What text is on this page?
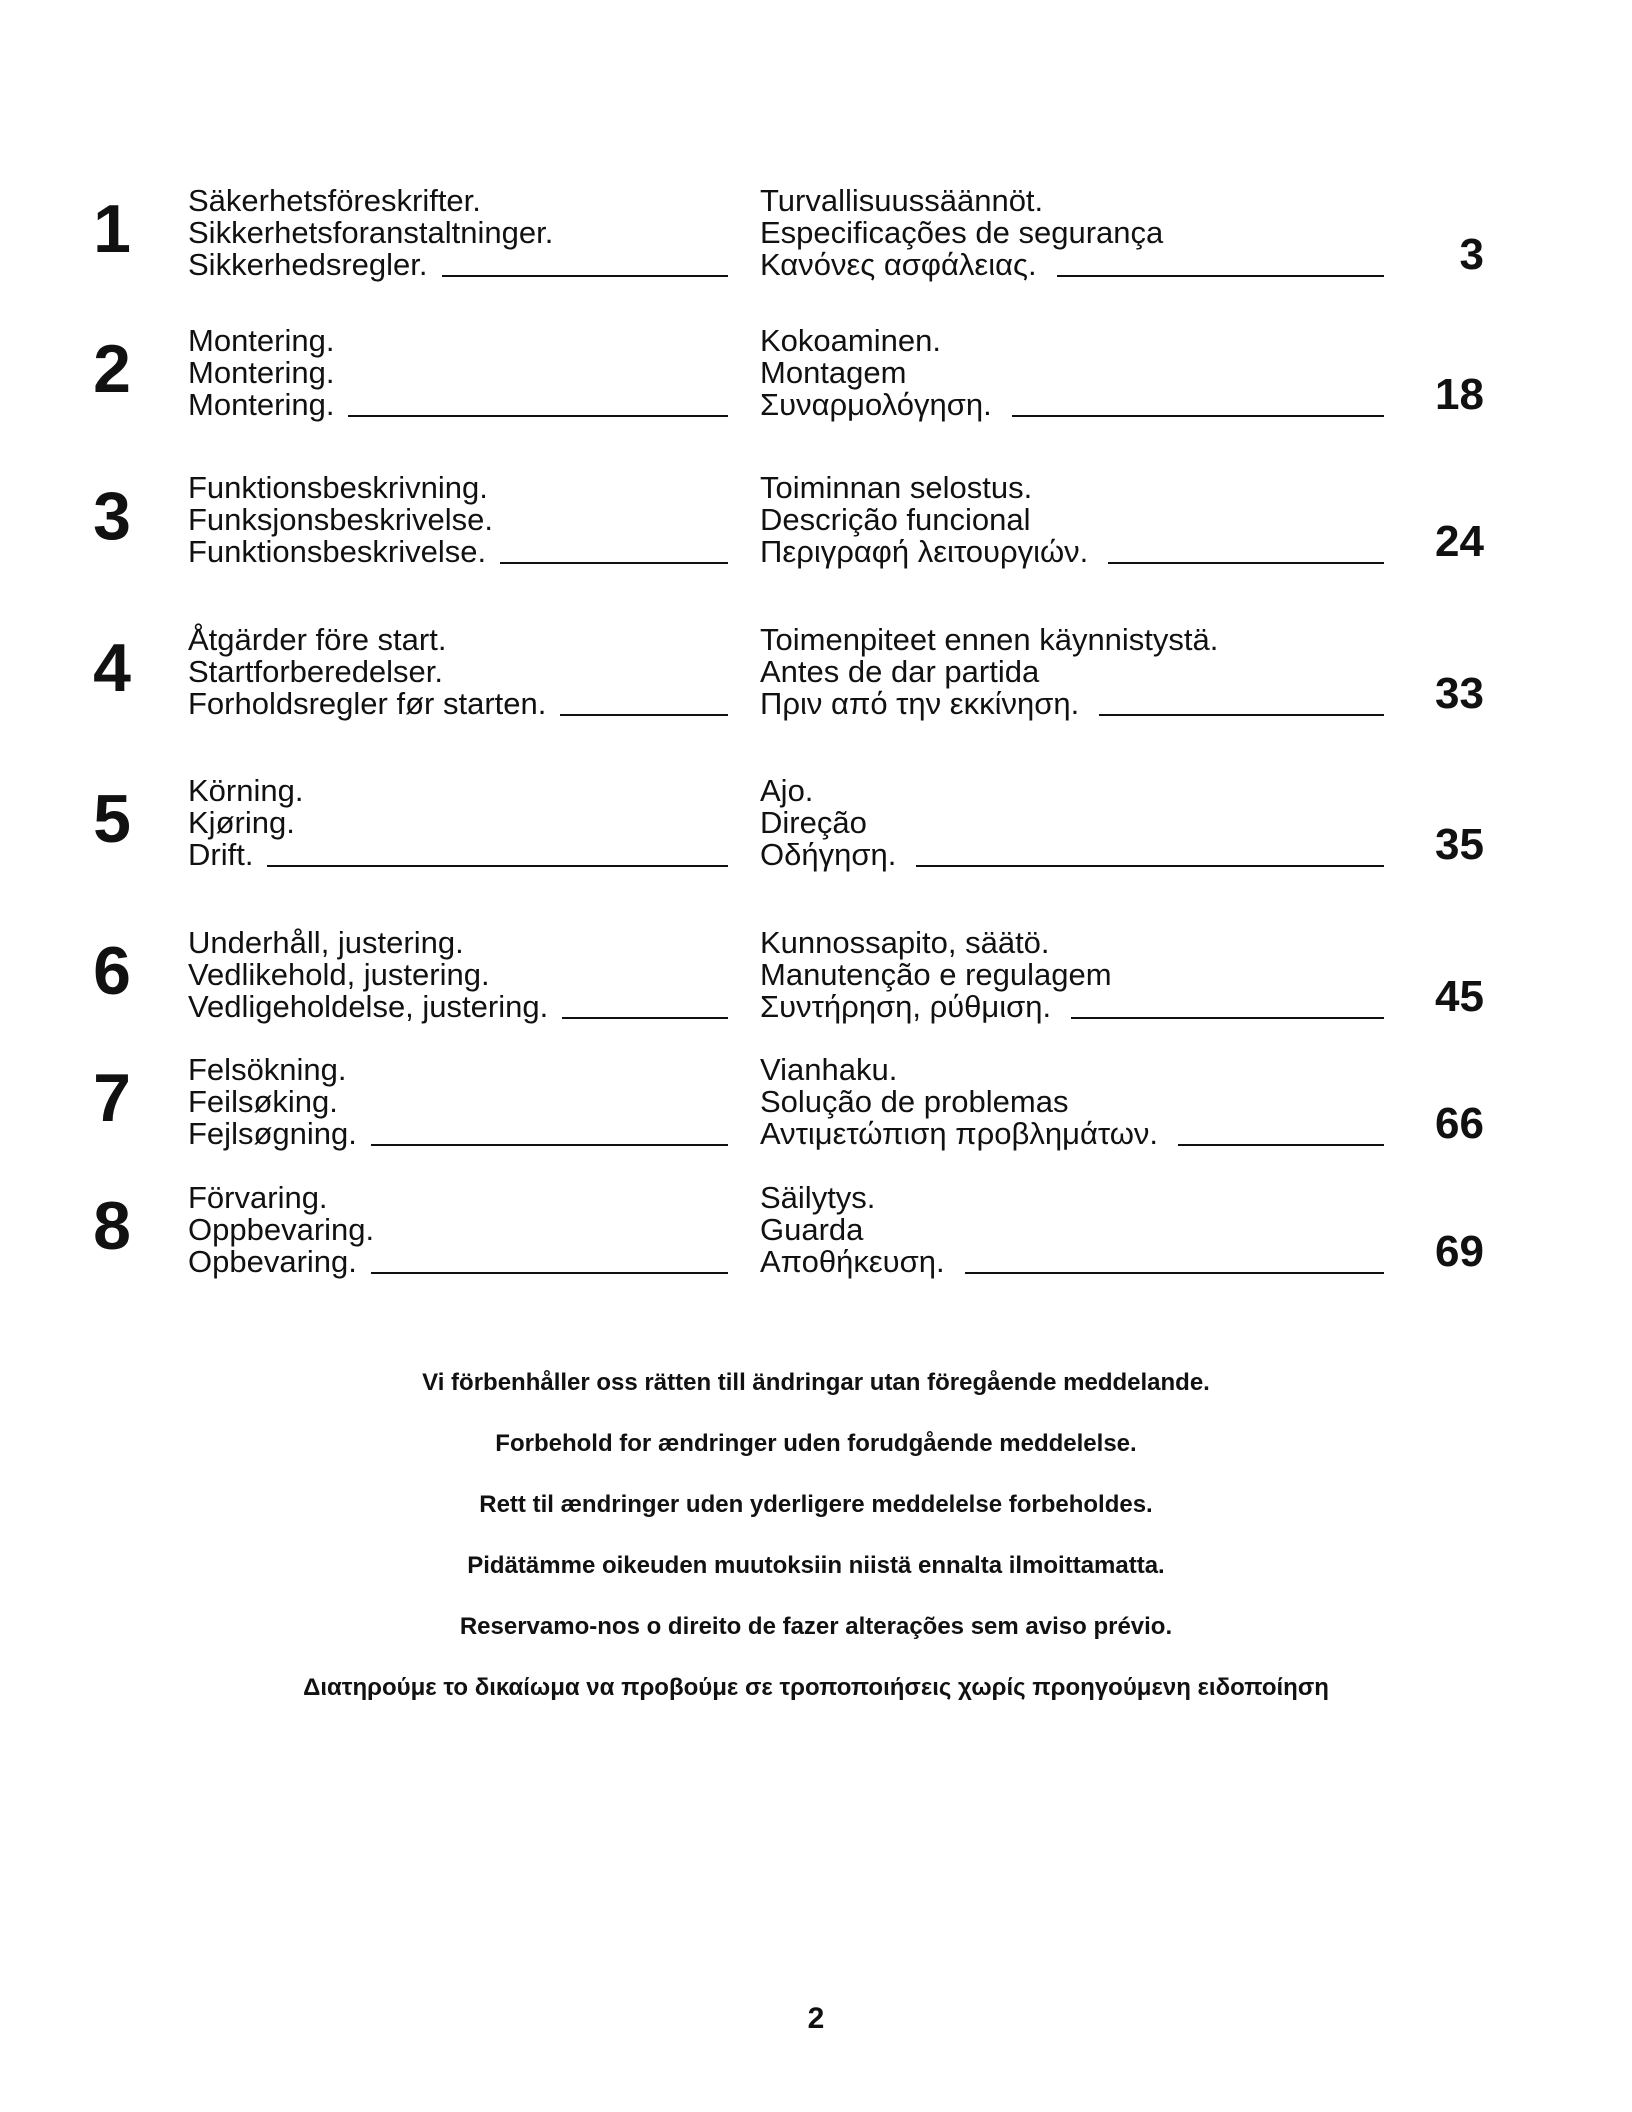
1	Säkerhetsföreskrifter.	Turvallisuussäännöt.
Sikkerhetsforanstaltninger.	Especificações de segurança
Sikkerhedsregler.	Κανόνες ασφάλειας.	3
2	Montering.	Kokoaminen.
Montering.	Montagem
Montering.	Συναρμολόγηση.	18
3	Funktionsbeskrivning.	Toiminnan selostus.
Funksjonsbeskrivelse.	Descrição funcional
Funktionsbeskrivelse.	Περιγραφή λειτουργιών.	24
4	Åtgärder före start.	Toimenpiteet ennen käynnistystä.
Startforberedelser.	Antes de dar partida
Forholdsregler før starten.	Πριν από την εκκίνηση.	33
5	Körning.	Ajo.
Kjøring.	Direção
Drift.	Οδήγηση.	35
6	Underhåll, justering.	Kunnossapito, säätö.
Vedlikehold, justering.	Manutenção e regulagem
Vedligeholdelse, justering.	Συντήρηση, ρύθμιση.	45
7	Felsökning.	Vianhaku.
Feilsøking.	Solução de problemas
Fejlsøgning.	Αντιμετώπιση προβλημάτων.	66
8	Förvaring.	Säilytys.
Oppbevaring.	Guarda
Opbevaring.	Αποθήκευση.	69
Vi förbenhåller oss rätten till ändringar utan föregående meddelande.
Forbehold for ændringer uden forudgående meddelelse.
Rett til ændringer uden yderligere meddelelse forbeholdes.
Pidätämme oikeuden muutoksiin niistä ennalta ilmoittamatta.
Reservamo-nos o direito de fazer alterações sem aviso prévio.
Διατηρούμε το δικαίωμα να προβούμε σε τροποποιήσεις χωρίς προηγούμενη ειδοποίηση
2
